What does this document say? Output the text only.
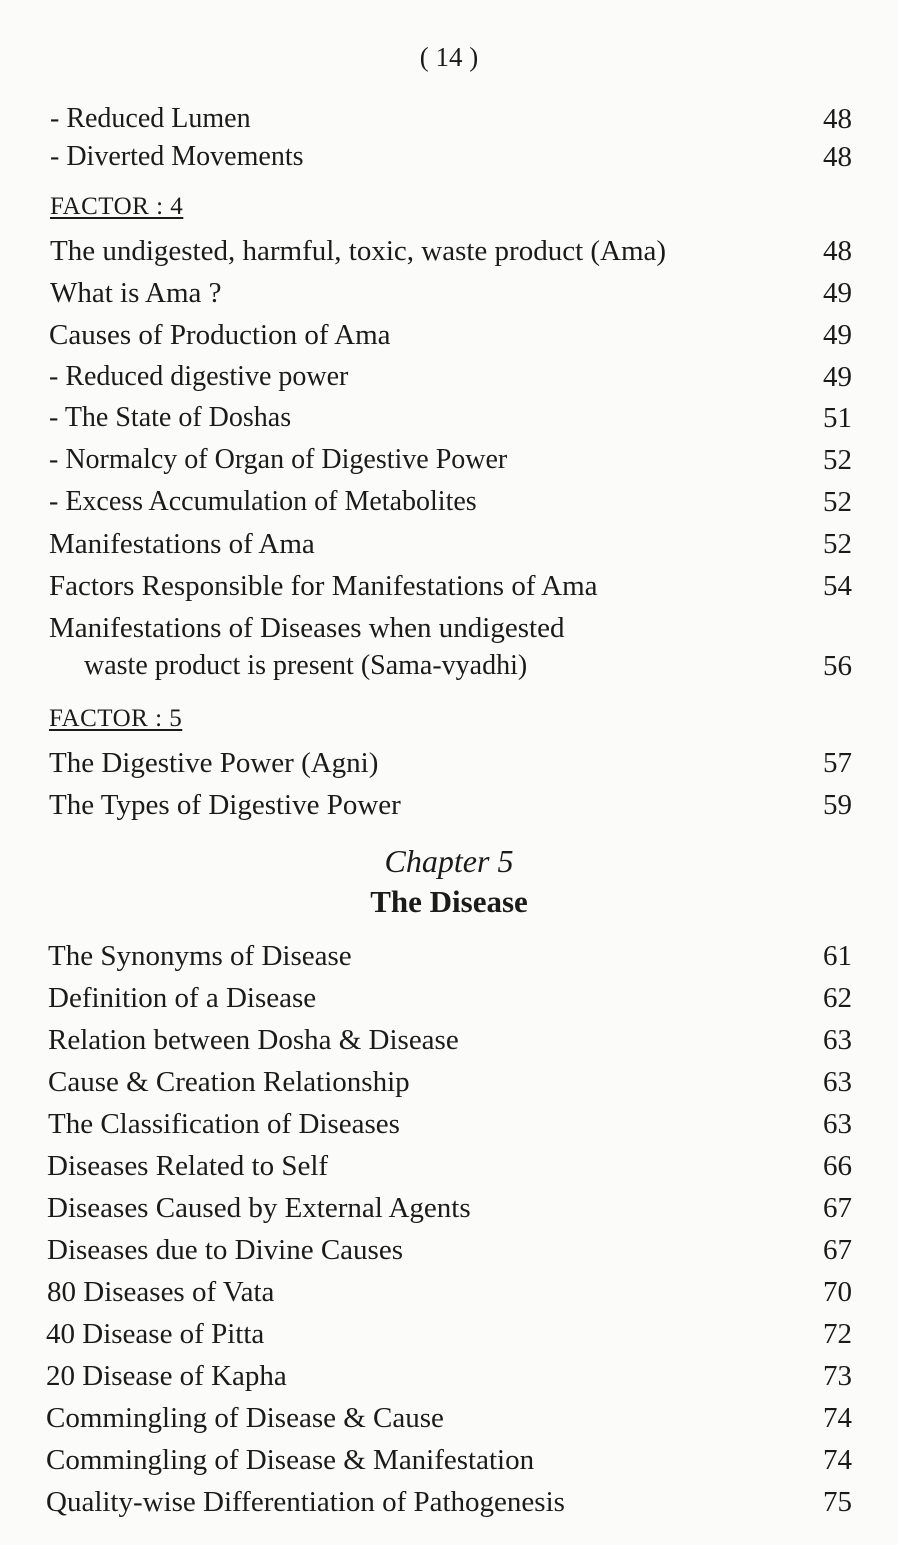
( 14 )
- Reduced Lumen	48
- Diverted Movements	48
FACTOR : 4
The undigested, harmful, toxic, waste product (Ama)	48
What is Ama ?	49
Causes of Production of Ama	49
- Reduced digestive power	49
- The State of Doshas	51
- Normalcy of Organ of Digestive Power	52
- Excess Accumulation of Metabolites	52
Manifestations of Ama	52
Factors Responsible for Manifestations of Ama	54
Manifestations of Diseases when undigested
waste product is present (Sama-vyadhi)	56
FACTOR : 5
The Digestive Power (Agni)	57
The Types of Digestive Power	59
Chapter 5
The Disease
The Synonyms of Disease	61
Definition of a Disease	62
Relation between Dosha & Disease	63
Cause & Creation Relationship	63
The Classification of Diseases	63
Diseases Related to Self	66
Diseases Caused by External Agents	67
Diseases due to Divine Causes	67
80 Diseases of Vata	70
40 Disease of Pitta	72
20 Disease of Kapha	73
Commingling of Disease & Cause	74
Commingling of Disease & Manifestation	74
Quality-wise Differentiation of Pathogenesis	75
